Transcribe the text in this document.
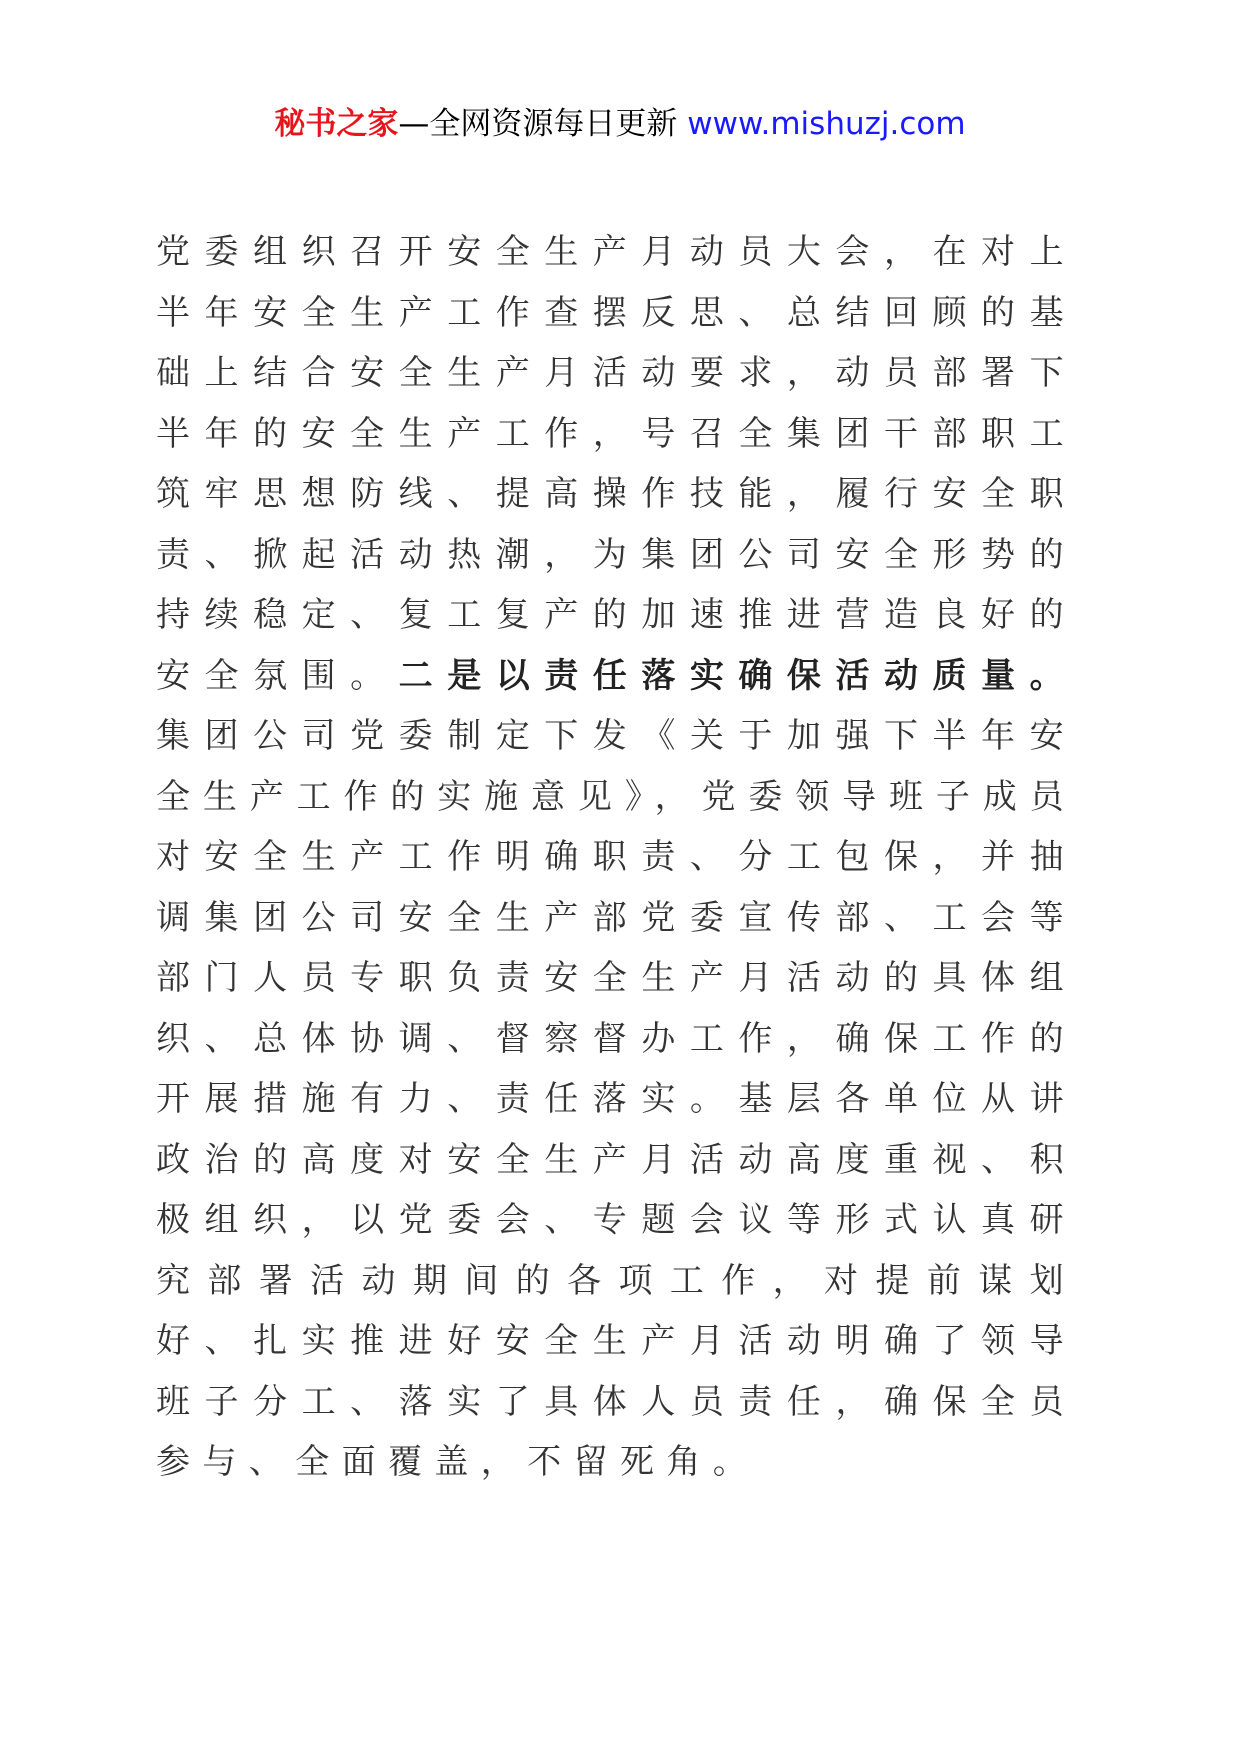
秘书之家—全网资源每日更新 www.mishuzj.com
党委组织召开安全生产月动员大会，在对上半年安全生产工作查摆反思、总结回顾的基础上结合安全生产月活动要求，动员部署下半年的安全生产工作，号召全集团干部职工筑牢思想防线、提高操作技能，履行安全职责、掀起活动热潮，为集团公司安全形势的持续稳定、复工复产的加速推进营造良好的安全氛围。二是以责任落实确保活动质量。集团公司党委制定下发《关于加强下半年安全生产工作的实施意见》，党委领导班子成员对安全生产工作明确职责、分工包保，并抽调集团公司安全生产部党委宣传部、工会等部门人员专职负责安全生产月活动的具体组织、总体协调、督察督办工作，确保工作的开展措施有力、责任落实。基层各单位从讲政治的高度对安全生产月活动高度重视、积极组织，以党委会、专题会议等形式认真研究部署活动期间的各项工作，对提前谋划好、扎实推进好安全生产月活动明确了领导班子分工、落实了具体人员责任，确保全员参与、全面覆盖，不留死角。
